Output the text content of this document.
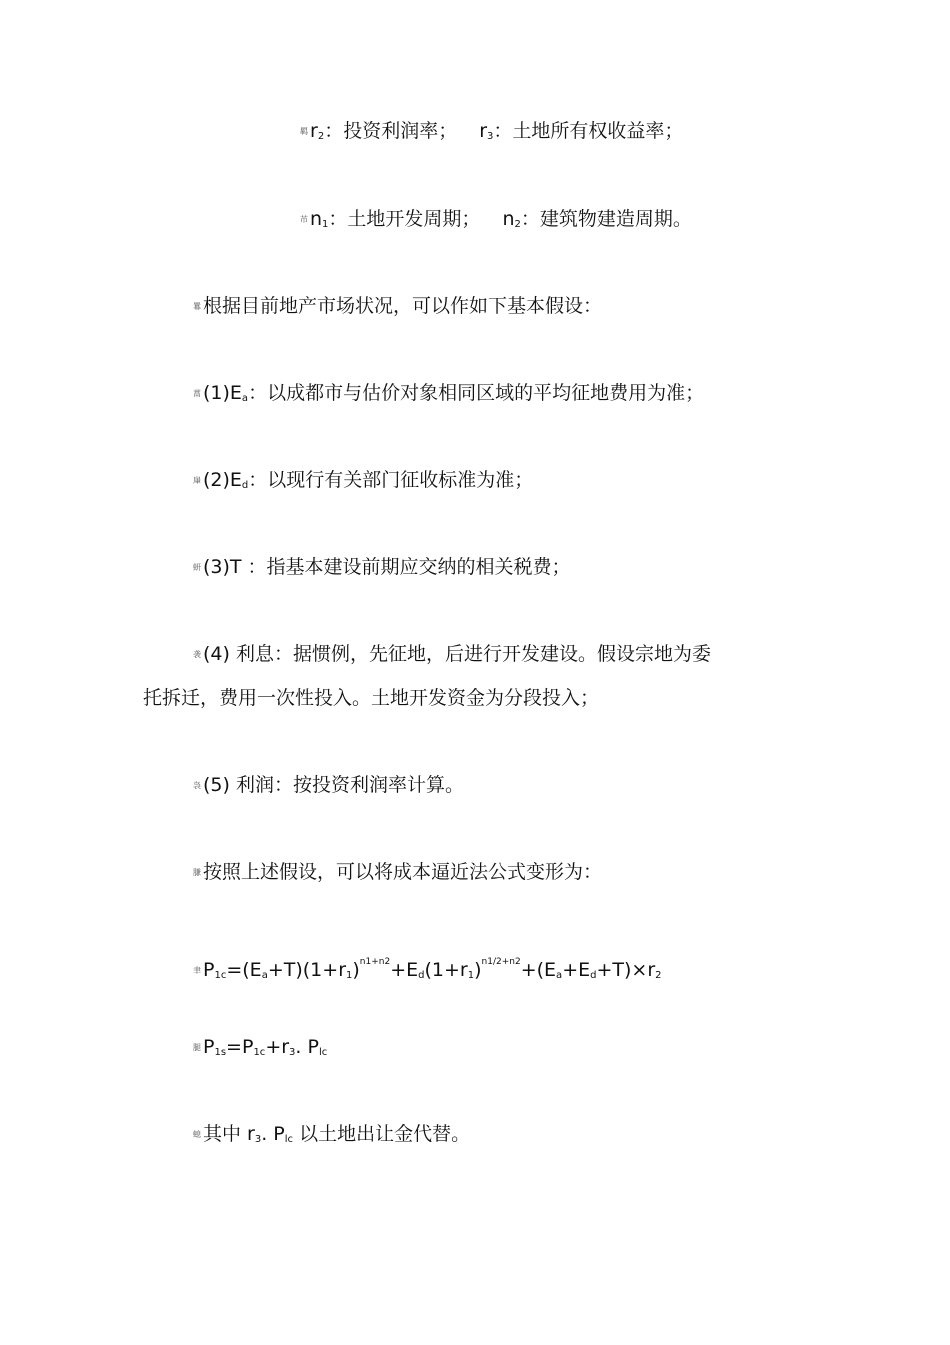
羁 $r_2$：投资利润率； $r_3$：土地所有权收益率；
芇 $n_1$：土地开发周期； $n_2$：建筑物建造周期。
羃 根据目前地产市场状况，可以作如下基本假设：
蒚 $(1)E_a$：以成都市与估价对象相同区域的平均征地费用为准；
肁 $(2)E_d$：以现行有关部门征收标准为准；
蚈 (3)T ：指基本建设前期应交纳的相关税费；
袭 (4) 利息：据惯例，先征地，后进行开发建设。假设宗地为委
托拆迁，费用一次性投入。土地开发资金为分段投入；
袅 (5) 利润：按投资利润率计算。
膁 按照上述假设，可以将成本逼近法公式变形为：
聿 $P_{1c}=(E_a+T)(1+r_1)^{n1+n2}+E_d(1+r_1)^{n1/2+n2}+(E_a+E_d+T)\times r_2$
腿 $P_{1s}=P_{1c}+r_3$. $P_{lc}$
螅 其中 $r_3$. $P_{lc}$ 以土地出让金代替。
